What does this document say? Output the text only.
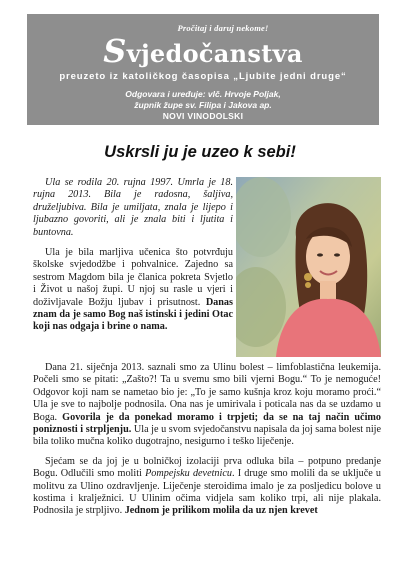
Pročitaj i daruj nekome!
Svjedočanstva
preuzeto iz katoličkog časopisa „Ljubite jedni druge“
Odgovara i uređuje: vlč. Hrvoje Poljak,
župnik župe sv. Filipa i Jakova ap.
NOVI VINODOLSKI
Uskrsli ju je uzeo k sebi!

Ula se rodila 20. rujna 1997. Umrla je 18. rujna 2013. Bila je radosna, šaljiva, druželjubiva. Bila je umiljata, znala je lijepo i ljubazno govoriti, ali je znala biti i ljutita i buntovna.

Ula je bila marljiva učenica što potvrđuju školske svjedodžbe i pohvalnice. Zajedno sa sestrom Magdom bila je članica pokreta Svjetlo i Život u našoj župi. U njoj su rasle u vjeri i doživljavale Božju ljubav i prisutnost. Danas znam da je samo Bog naš istinski i jedini Otac koji nas odgaja i brine o nama.

Dana 21. siječnja 2013. saznali smo za Ulinu bolest – limfoblastična leukemija. Počeli smo se pitati: „Zašto?! Ta u svemu smo bili vjerni Bogu.“ To je nemoguće! Odgovor koji nam se nametao bio je: „To je samo kušnja kroz koju moramo proći.“ Ula je sve to najbolje podnosila. Ona nas je umirivala i poticala nas da se uzdamo u Boga. Govorila je da ponekad moramo i trpjeti; da se na taj način učimo poniznosti i strpljenju. Ula je u svom svjedočanstvu napisala da joj sama bolest nije bila toliko mučna koliko dugotrajno, nesigurno i teško liječenje.

Sjećam se da joj je u bolničkoj izolaciji prva odluka bila – potpuno predanje Bogu. Odlučili smo moliti Pompejsku devetnicu. I druge smo molili da se uključe u molitvu za Ulino ozdravljenje. Liječenje steroidima imalo je za posljedicu bolove u kostima i kralježnici. U Ulinim očima vidjela sam koliko trpi, ali nije plakala. Podnosila je strpljivo. Jednom je prilikom molila da uz njen krevet
